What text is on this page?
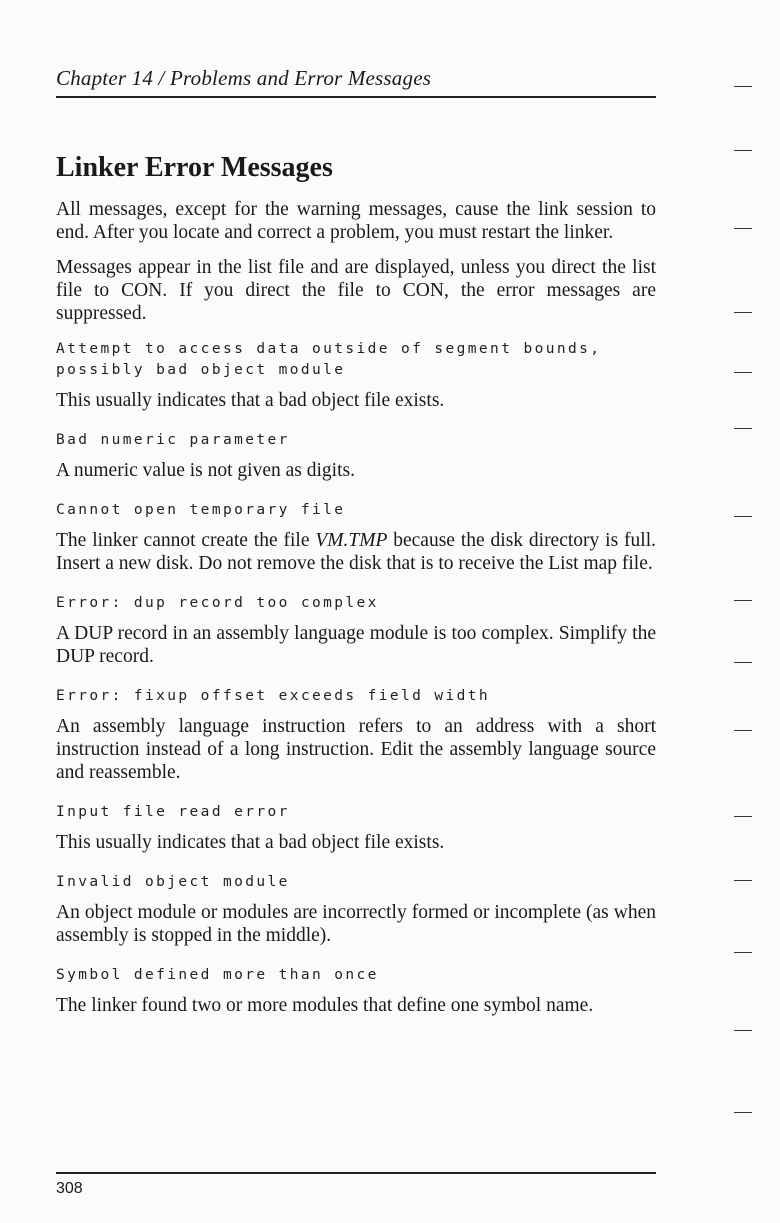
Chapter 14 / Problems and Error Messages
Linker Error Messages

All messages, except for the warning messages, cause the link session to end. After you locate and correct a problem, you must restart the linker.

Messages appear in the list file and are displayed, unless you direct the list file to CON. If you direct the file to CON, the error messages are suppressed.

Attempt to access data outside of segment bounds, possibly bad object module

This usually indicates that a bad object file exists.

Bad numeric parameter

A numeric value is not given as digits.

Cannot open temporary file

The linker cannot create the file VM.TMP because the disk directory is full. Insert a new disk. Do not remove the disk that is to receive the List map file.

Error: dup record too complex

A DUP record in an assembly language module is too complex. Simplify the DUP record.

Error: fixup offset exceeds field width

An assembly language instruction refers to an address with a short instruction instead of a long instruction. Edit the assembly language source and reassemble.

Input file read error

This usually indicates that a bad object file exists.

Invalid object module

An object module or modules are incorrectly formed or incomplete (as when assembly is stopped in the middle).

Symbol defined more than once

The linker found two or more modules that define one symbol name.

308
